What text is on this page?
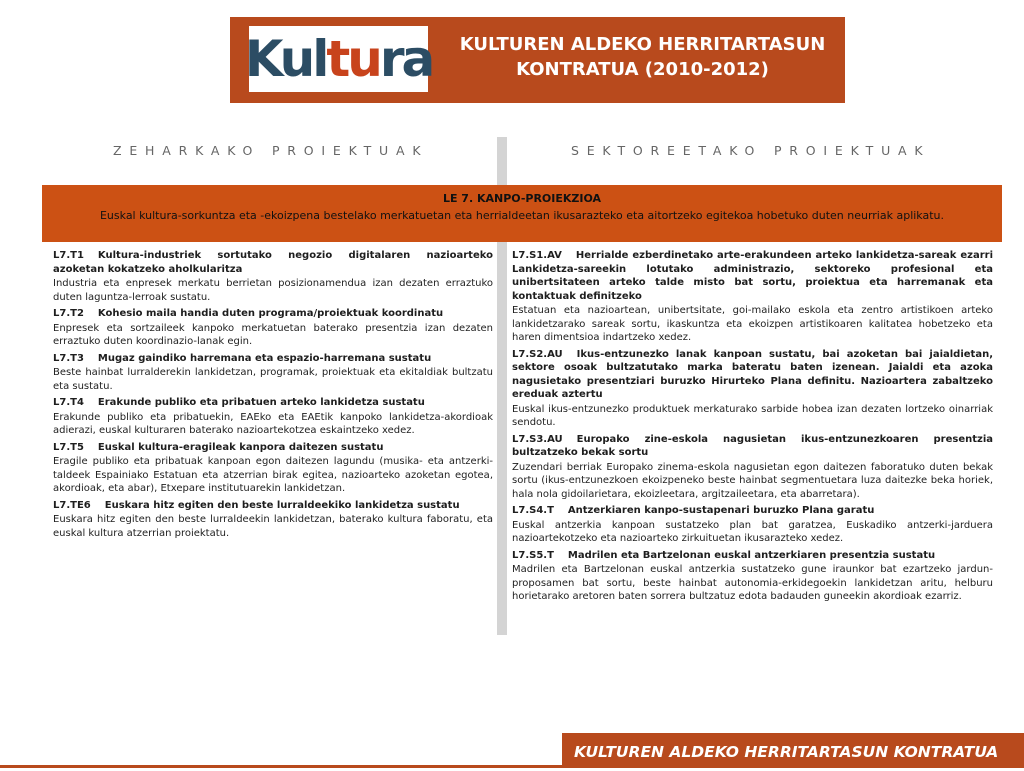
Kultura	KULTUREN ALDEKO HERRITARTASUN
KONTRATUA (2010-2012)
ZEHARKAKO PROIEKTUAK	SEKTOREETAKO PROIEKTUAK
LE 7. KANPO-PROIEKZIOA
Euskal kultura-sorkuntza eta -ekoizpena bestelako merkatuetan eta herrialdeetan ikusarazteko eta aitortzeko egitekoa hobetuko duten neurriak aplikatu.
L7.T1 Kultura-industriek sortutako negozio digitalaren nazioarteko azoketan kokatzeko aholkularitza
Industria eta enpresek merkatu berrietan posizionamendua izan dezaten erraztuko duten laguntza-lerroak sustatu.
L7.T2 Kohesio maila handia duten programa/proiektuak koordinatu
Enpresek eta sortzaileek kanpoko merkatuetan baterako presentzia izan dezaten erraztuko duten koordinazio-lanak egin.
L7.T3 Mugaz gaindiko harremana eta espazio-harremana sustatu
Beste hainbat lurralderekin lankidetzan, programak, proiektuak eta ekitaldiak bultzatu eta sustatu.
L7.T4 Erakunde publiko eta pribatuen arteko lankidetza sustatu
Erakunde publiko eta pribatuekin, EAEko eta EAEtik kanpoko lankidetza-akordioak adierazi, euskal kulturaren baterako nazioartekotzea eskaintzeko xedez.
L7.T5 Euskal kultura-eragileak kanpora daitezen sustatu
Eragile publiko eta pribatuak kanpoan egon daitezen lagundu (musika- eta antzerki-taldeek Espainiako Estatuan eta atzerrian birak egitea, nazioarteko azoketan egotea, akordioak, eta abar), Etxepare institutuarekin lankidetzan.
L7.TE6 Euskara hitz egiten den beste lurraldeekiko lankidetza sustatu
Euskara hitz egiten den beste lurraldeekin lankidetzan, baterako kultura faboratu, eta euskal kultura atzerrian proiektatu.
L7.S1.AV Herrialde ezberdinetako arte-erakundeen arteko lankidetza-sareak ezarri Lankidetza-sareekin lotutako administrazio, sektoreko profesional eta unibertsitateen arteko talde misto bat sortu, proiektua eta harremanak eta kontaktuak definitzeko
Estatuan eta nazioartean, unibertsitate, goi-mailako eskola eta zentro artistikoen arteko lankidetzarako sareak sortu, ikaskuntza eta ekoizpen artistikoaren kalitatea hobetzeko eta haren dimentsioa indartzeko xedez.
L7.S2.AU Ikus-entzunezko lanak kanpoan sustatu, bai azoketan bai jaialdietan, sektore osoak bultzatutako marka bateratu baten izenean. Jaialdi eta azoka nagusietako presentziari buruzko Hirurteko Plana definitu. Nazioartera zabaltzeko ereduak aztertu
Euskal ikus-entzunezko produktuek merkaturako sarbide hobea izan dezaten lortzeko oinarriak sendotu.
L7.S3.AU Europako zine-eskola nagusietan ikus-entzunezkoaren presentzia bultzatzeko bekak sortu
Zuzendari berriak Europako zinema-eskola nagusietan egon daitezen faboratuko duten bekak sortu (ikus-entzunezkoen ekoizpeneko beste hainbat segmentuetara luza daitezke beka horiek, hala nola gidoilarietara, ekoizleetara, argitzaileetara, eta abarretara).
L7.S4.T Antzerkiaren kanpo-sustapenari buruzko Plana garatu
Euskal antzerkia kanpoan sustatzeko plan bat garatzea, Euskadiko antzerki-jarduera nazioartekotzeko eta nazioarteko zirkuituetan ikusarazteko xedez.
L7.S5.T Madrilen eta Bartzelonan euskal antzerkiaren presentzia sustatu
Madrilen eta Bartzelonan euskal antzerkia sustatzeko gune iraunkor bat ezartzeko jardun-proposamen bat sortu, beste hainbat autonomia-erkidegoekin lankidetzan aritu, helburu horietarako aretoren baten sorrera bultzatuz edota badauden guneekin akordioak ezarriz.
KULTUREN ALDEKO HERRITARTASUN KONTRATUA
